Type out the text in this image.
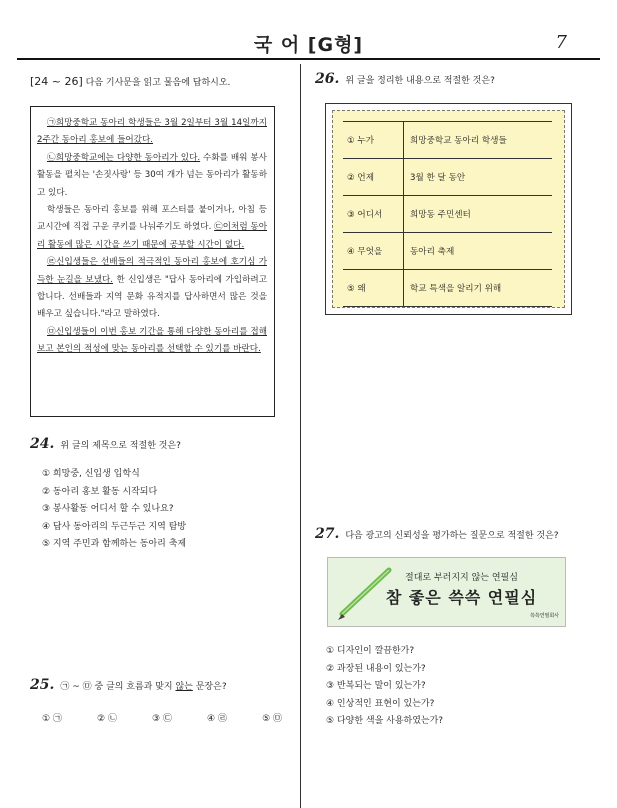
국 어 [G형]	7
[24 ~ 26] 다음 기사문을 읽고 물음에 답하시오.

㉠희망중학교 동아리 학생들은 3월 2일부터 3월 14일까지 2주간 동아리 홍보에 들어갔다.

㉡희망중학교에는 다양한 동아리가 있다. 수화를 배워 봉사활동을 펼치는 '손짓사랑' 등 30여 개가 넘는 동아리가 활동하고 있다.

학생들은 동아리 홍보를 위해 포스터를 붙이거나, 아침 등교시간에 직접 구운 쿠키를 나눠주기도 하였다. ㉢이처럼 동아리 활동에 많은 시간을 쓰기 때문에 공부할 시간이 없다.

㉣신입생들은 선배들의 적극적인 동아리 홍보에 호기심 가득한 눈길을 보냈다. 한 신입생은 "답사 동아리에 가입하려고 합니다. 선배들과 지역 문화 유적지를 답사하면서 많은 것을 배우고 싶습니다."라고 말하였다.

㉤신입생들이 이번 홍보 기간을 통해 다양한 동아리를 접해 보고 본인의 적성에 맞는 동아리를 선택할 수 있기를 바란다.

24. 위 글의 제목으로 적절한 것은?
① 희망중, 신입생 입학식
② 동아리 홍보 활동 시작되다
③ 봉사활동 어디서 할 수 있나요?
④ 답사 동아리의 두근두근 지역 탐방
⑤ 지역 주민과 함께하는 동아리 축제
25. ㉠ ~ ㉤ 중 글의 흐름과 맞지 않는 문장은?
① ㉠	② ㉡	③ ㉢	④ ㉣	⑤ ㉤
26. 위 글을 정리한 내용으로 적절한 것은?
① 누가	희망중학교 동아리 학생들
② 언제	3월 한 달 동안
③ 어디서	희망동 주민센터
④ 무엇을	동아리 축제
⑤ 왜	학교 특색을 알리기 위해
27. 다음 광고의 신뢰성을 평가하는 질문으로 적절한 것은?
절대로 부러지지 않는 연필심
참 좋은 쓱쓱 연필심
쓱쓱연필회사
① 디자인이 깔끔한가?
② 과장된 내용이 있는가?
③ 반복되는 말이 있는가?
④ 인상적인 표현이 있는가?
⑤ 다양한 색을 사용하였는가?
